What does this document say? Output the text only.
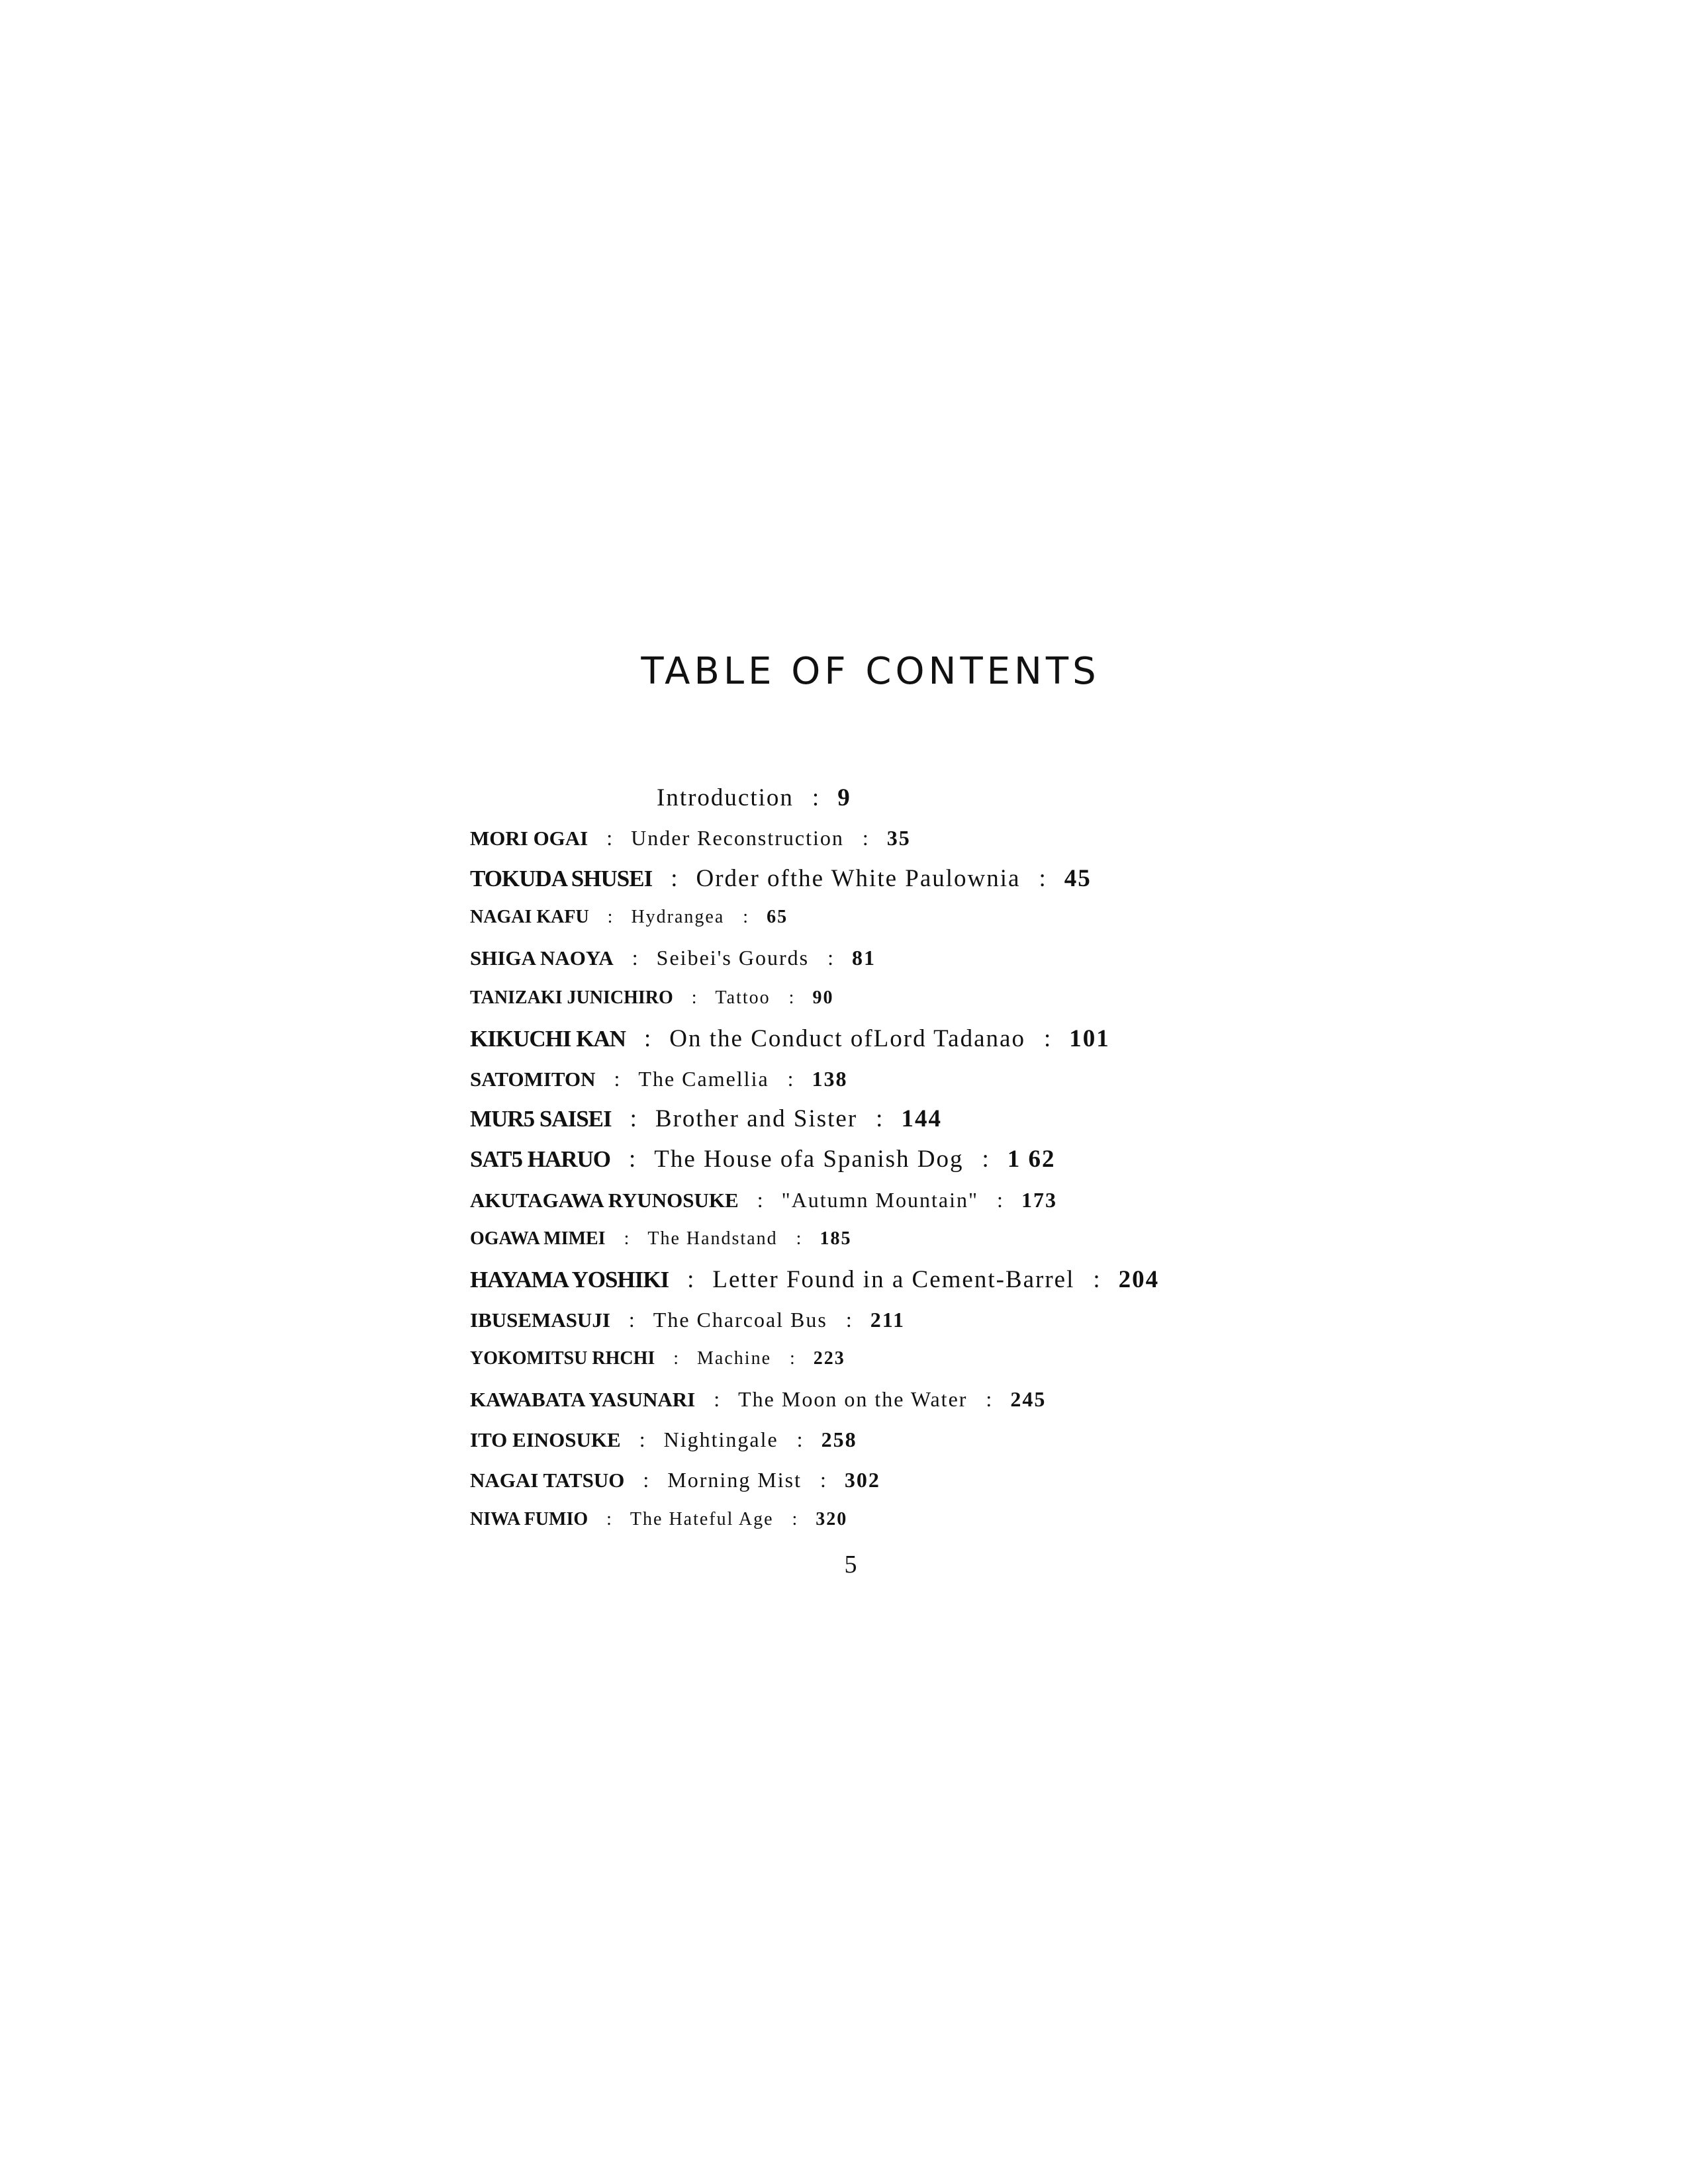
TABLE OF CONTENTS
Introduction : 9
MORI OGAI : Under Reconstruction : 35
TOKUDA SHUSEI : Order ofthe White Paulownia : 45
NAGAI KAFU : Hydrangea : 65
SHIGA NAOYA : Seibei's Gourds : 81
TANIZAKI JUNICHIRO : Tattoo : 90
KIKUCHI KAN : On the Conduct ofLord Tadanao : 101
SATOMITON : The Camellia : 138
MUR5 SAISEI : Brother and Sister : 144
SAT5 HARUO : The House ofa Spanish Dog : 1 62
AKUTAGAWA RYUNOSUKE : "Autumn Mountain" : 173
OGAWA MIMEI : The Handstand : 185
HAYAMA YOSHIKI : Letter Found in a Cement-Barrel : 204
IBUSEMASUJI : The Charcoal Bus : 211
YOKOMITSU RHCHI : Machine : 223
KAWABATA YASUNARI : The Moon on the Water : 245
ITO EINOSUKE : Nightingale : 258
NAGAI TATSUO : Morning Mist : 302
NIWA FUMIO : The Hateful Age : 320
5
